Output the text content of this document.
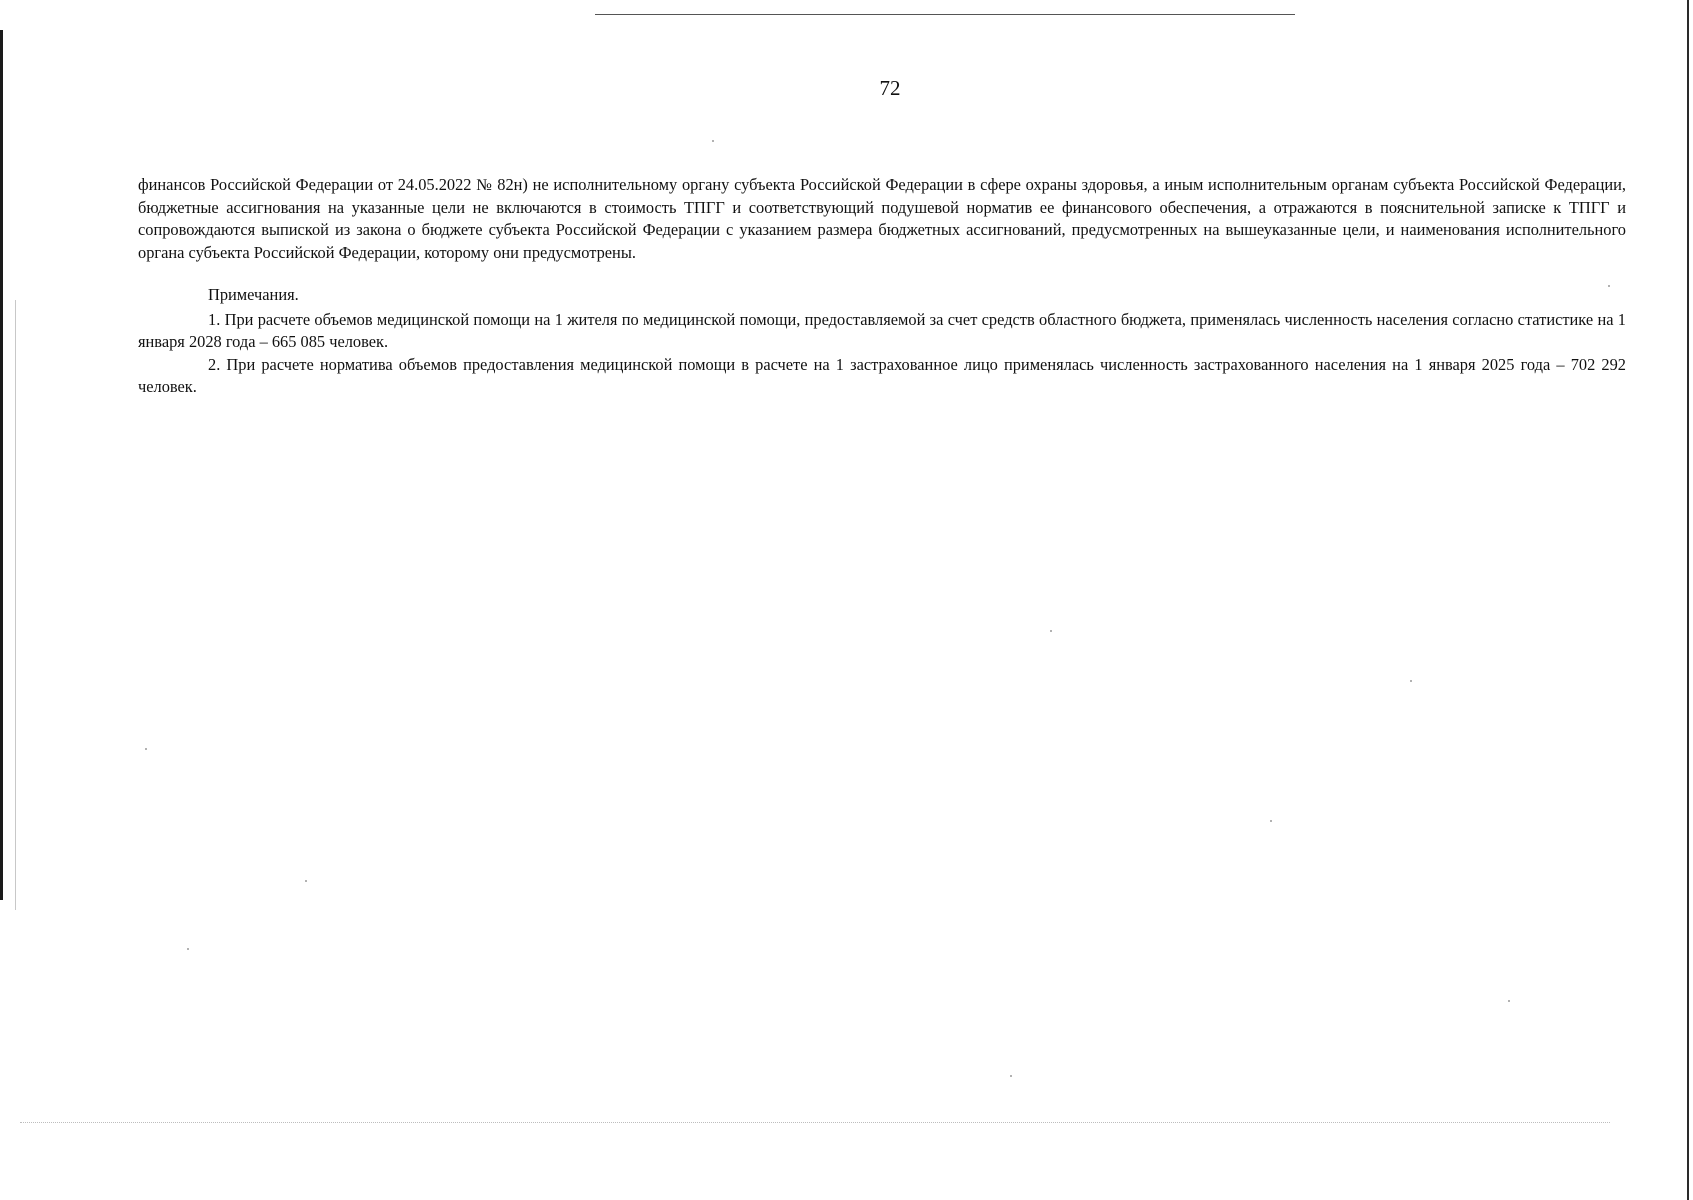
72

финансов Российской Федерации от 24.05.2022 № 82н) не исполнительному органу субъекта Российской Федерации в сфере охраны здоровья, а иным исполнительным органам субъекта Российской Федерации, бюджетные ассигнования на указанные цели не включаются в стоимость ТПГГ и соответствующий подушевой норматив ее финансового обеспечения, а отражаются в пояснительной записке к ТПГГ и сопровождаются выпиской из закона о бюджете субъекта Российской Федерации с указанием размера бюджетных ассигнований, предусмотренных на вышеуказанные цели, и наименования исполнительного органа субъекта Российской Федерации, которому они предусмотрены.

Примечания.

1. При расчете объемов медицинской помощи на 1 жителя по медицинской помощи, предоставляемой за счет средств областного бюджета, применялась численность населения согласно статистике на 1 января 2028 года – 665 085 человек.

2. При расчете норматива объемов предоставления медицинской помощи в расчете на 1 застрахованное лицо применялась численность застрахованного населения на 1 января 2025 года – 702 292 человек.
